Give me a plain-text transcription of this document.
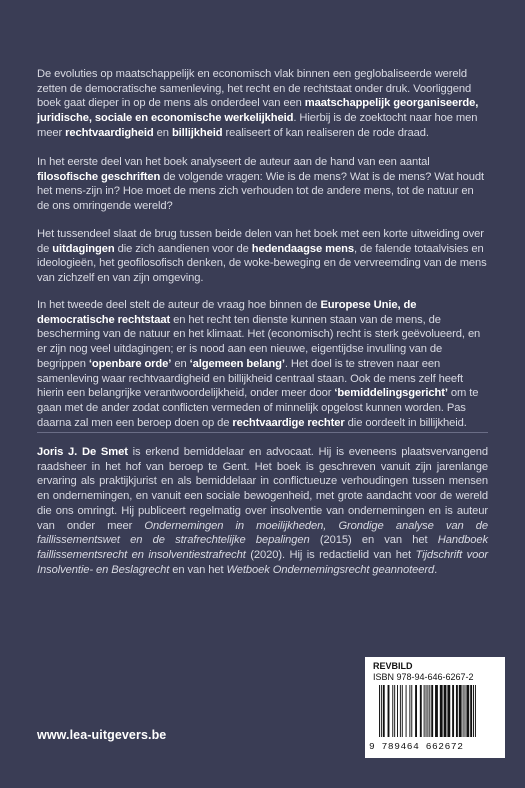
De evoluties op maatschappelijk en economisch vlak binnen een geglobaliseerde wereld zetten de democratische samenleving, het recht en de rechtstaat onder druk. Voorliggend boek gaat dieper in op de mens als onderdeel van een maatschappelijk georganiseerde, juridische, sociale en economische werkelijkheid. Hierbij is de zoektocht naar hoe men meer rechtvaardigheid en billijkheid realiseert of kan realiseren de rode draad.

In het eerste deel van het boek analyseert de auteur aan de hand van een aantal filosofische geschriften de volgende vragen: Wie is de mens? Wat is de mens? Wat houdt het mens-zijn in? Hoe moet de mens zich verhouden tot de andere mens, tot de natuur en de ons omringende wereld?

Het tussendeel slaat de brug tussen beide delen van het boek met een korte uitweiding over de uitdagingen die zich aandienen voor de hedendaagse mens, de falende totaalvisies en ideologieën, het geofilosofisch denken, de woke-beweging en de vervreemding van de mens van zichzelf en van zijn omgeving.

In het tweede deel stelt de auteur de vraag hoe binnen de Europese Unie, de democratische rechtstaat en het recht ten dienste kunnen staan van de mens, de bescherming van de natuur en het klimaat. Het (economisch) recht is sterk geëvolueerd, en er zijn nog veel uitdagingen; er is nood aan een nieuwe, eigentijdse invulling van de begrippen ‘openbare orde’ en ‘algemeen belang’. Het doel is te streven naar een samenleving waar rechtvaardigheid en billijkheid centraal staan. Ook de mens zelf heeft hierin een belangrijke verantwoordelijkheid, onder meer door ‘bemiddelingsgericht’ om te gaan met de ander zodat conflicten vermeden of minnelijk opgelost kunnen worden. Pas daarna zal men een beroep doen op de rechtvaardige rechter die oordeelt in billijkheid.

Joris J. De Smet is erkend bemiddelaar en advocaat. Hij is eveneens plaatsvervangend raadsheer in het hof van beroep te Gent. Het boek is geschreven vanuit zijn jarenlange ervaring als praktijkjurist en als bemiddelaar in conflictueuze verhoudingen tussen mensen en ondernemingen, en vanuit een sociale bewogenheid, met grote aandacht voor de wereld die ons omringt. Hij publiceert regelmatig over insolventie van ondernemingen en is auteur van onder meer Ondernemingen in moeilijkheden, Grondige analyse van de faillissementswet en de strafrechtelijke bepalingen (2015) en van het Handboek faillissementsrecht en insolventiestrafrecht (2020). Hij is redactielid van het Tijdschrift voor Insolventie- en Beslagrecht en van het Wetboek Ondernemingsrecht geannoteerd.

www.lea-uitgevers.be
REVBILD
ISBN 978-94-646-6267-2
9 789464 662672
